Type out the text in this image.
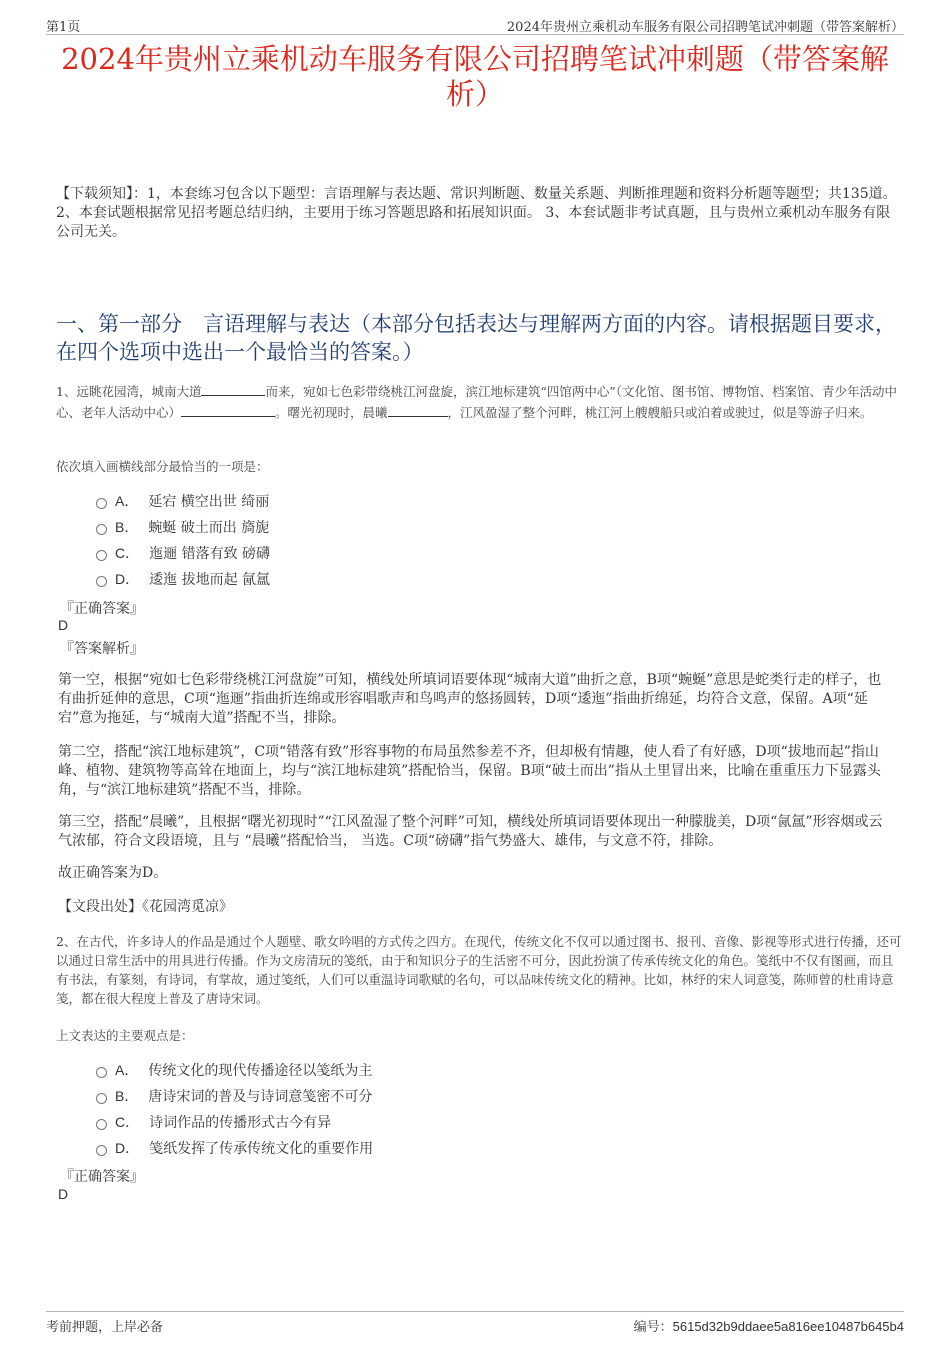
第1页	2024年贵州立乘机动车服务有限公司招聘笔试冲刺题（带答案解析）
2024年贵州立乘机动车服务有限公司招聘笔试冲刺题（带答案解析）
【下载须知】：1，本套练习包含以下题型：言语理解与表达题、常识判断题、数量关系题、判断推理题和资料分析题等题型；共135道。 2、本套试题根据常见招考题总结归纳，主要用于练习答题思路和拓展知识面。 3、本套试题非考试真题，且与贵州立乘机动车服务有限公司无关。
一、第一部分　言语理解与表达（本部分包括表达与理解两方面的内容。请根据题目要求，在四个选项中选出一个最恰当的答案。）
1、远眺花园湾，城南大道	而来，宛如七色彩带绕桃江河盘旋，滨江地标建筑“四馆两中心”（文化馆、图书馆、博物馆、档案馆、青少年活动中心、老年人活动中心）	。曙光初现时，晨曦	，江风盈湿了整个河畔，桃江河上艘艘船只或泊着或驶过，似是等游子归来。
依次填入画横线部分最恰当的一项是：
A． 延宕 横空出世 绮丽
B． 蜿蜒 破土而出 旖旎
C． 迤逦 错落有致 磅礴
D． 逶迤 拔地而起 氤氲
『正确答案』
D
『答案解析』
第一空，根据“宛如七色彩带绕桃江河盘旋”可知，横线处所填词语要体现“城南大道”曲折之意，B项“蜿蜒”意思是蛇类行走的样子，也有曲折延伸的意思，C项“迤逦”指曲折连绵或形容唱歌声和鸟鸣声的悠扬圆转，D项“逶迤”指曲折绵延，均符合文意，保留。A项“延宕”意为拖延，与“城南大道”搭配不当，排除。
第二空，搭配“滨江地标建筑”，C项“错落有致”形容事物的布局虽然参差不齐，但却极有情趣，使人看了有好感，D项“拔地而起”指山峰、植物、建筑物等高耸在地面上，均与“滨江地标建筑”搭配恰当，保留。B项“破土而出”指从土里冒出来，比喻在重重压力下显露头角，与“滨江地标建筑”搭配不当，排除。
第三空，搭配“晨曦”，且根据“曙光初现时”“江风盈湿了整个河畔”可知，横线处所填词语要体现出一种朦胧美，D项“氤氲”形容烟或云气浓郁，符合文段语境，且与 “晨曦”搭配恰当， 当选。C项“磅礴”指气势盛大、雄伟，与文意不符，排除。
故正确答案为D。
【文段出处】《花园湾觅凉》
2、在古代，许多诗人的作品是通过个人题壁、歌女吟唱的方式传之四方。在现代，传统文化不仅可以通过图书、报刊、音像、影视等形式进行传播，还可以通过日常生活中的用具进行传播。作为文房清玩的笺纸，由于和知识分子的生活密不可分，因此扮演了传承传统文化的角色。笺纸中不仅有图画，而且有书法，有篆刻，有诗词，有掌故，通过笺纸，人们可以重温诗词歌赋的名句，可以品味传统文化的精神。比如，林纾的宋人词意笺，陈师曾的杜甫诗意笺，都在很大程度上普及了唐诗宋词。
上文表达的主要观点是：
A． 传统文化的现代传播途径以笺纸为主
B． 唐诗宋词的普及与诗词意笺密不可分
C． 诗词作品的传播形式古今有异
D． 笺纸发挥了传承传统文化的重要作用
『正确答案』
D
考前押题，上岸必备	编号：5615d32b9ddaee5a816ee10487b645b4
